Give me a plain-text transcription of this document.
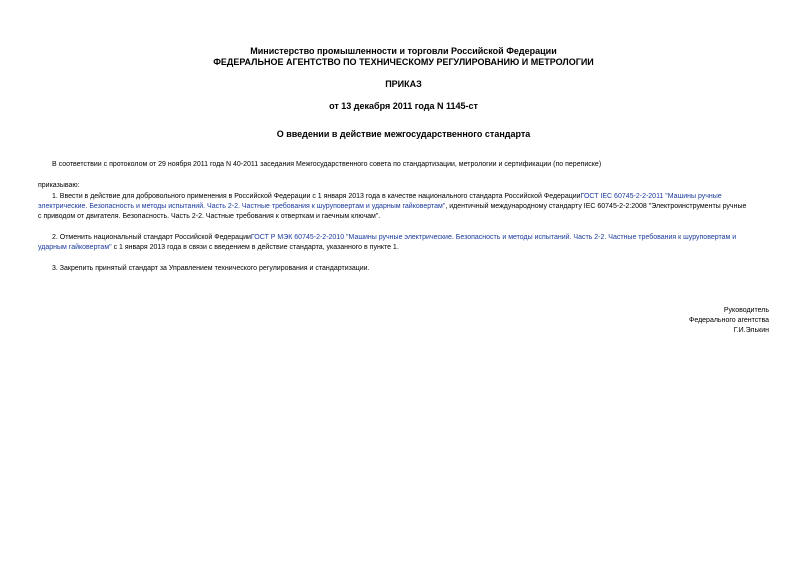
Министерство промышленности и торговли Российской Федерации
ФЕДЕРАЛЬНОЕ АГЕНТСТВО ПО ТЕХНИЧЕСКОМУ РЕГУЛИРОВАНИЮ И МЕТРОЛОГИИ
ПРИКАЗ
от 13 декабря 2011 года N 1145-ст
О введении в действие межгосударственного стандарта
В соответствии с протоколом от 29 ноября 2011 года N 40-2011 заседания Межгосударственного совета по стандартизации, метрологии и сертификации (по переписке)
приказываю:
1. Ввести в действие для добровольного применения в Российской Федерации с 1 января 2013 года в качестве национального стандарта Российской ФедерацииГОСТ IEC 60745-2-2-2011 "Машины ручные
электрические. Безопасность и методы испытаний. Часть 2-2. Частные требования к шуруповертам и ударным гайковертам", идентичный международному стандарту IEC 60745-2-2:2008 "Электроинструменты ручные
с приводом от двигателя. Безопасность. Часть 2-2. Частные требования к отверткам и гаечным ключам".
2. Отменить национальный стандарт Российской ФедерацииГОСТ Р МЭК 60745-2-2-2010 "Машины ручные электрические. Безопасность и методы испытаний. Часть 2-2. Частные требования к шуруповертам и
ударным гайковертам" с 1 января 2013 года в связи с введением в действие стандарта, указанного в пункте 1.
3. Закрепить принятый стандарт за Управлением технического регулирования и стандартизации.
Руководитель
Федерального агентства
Г.И.Элькин
